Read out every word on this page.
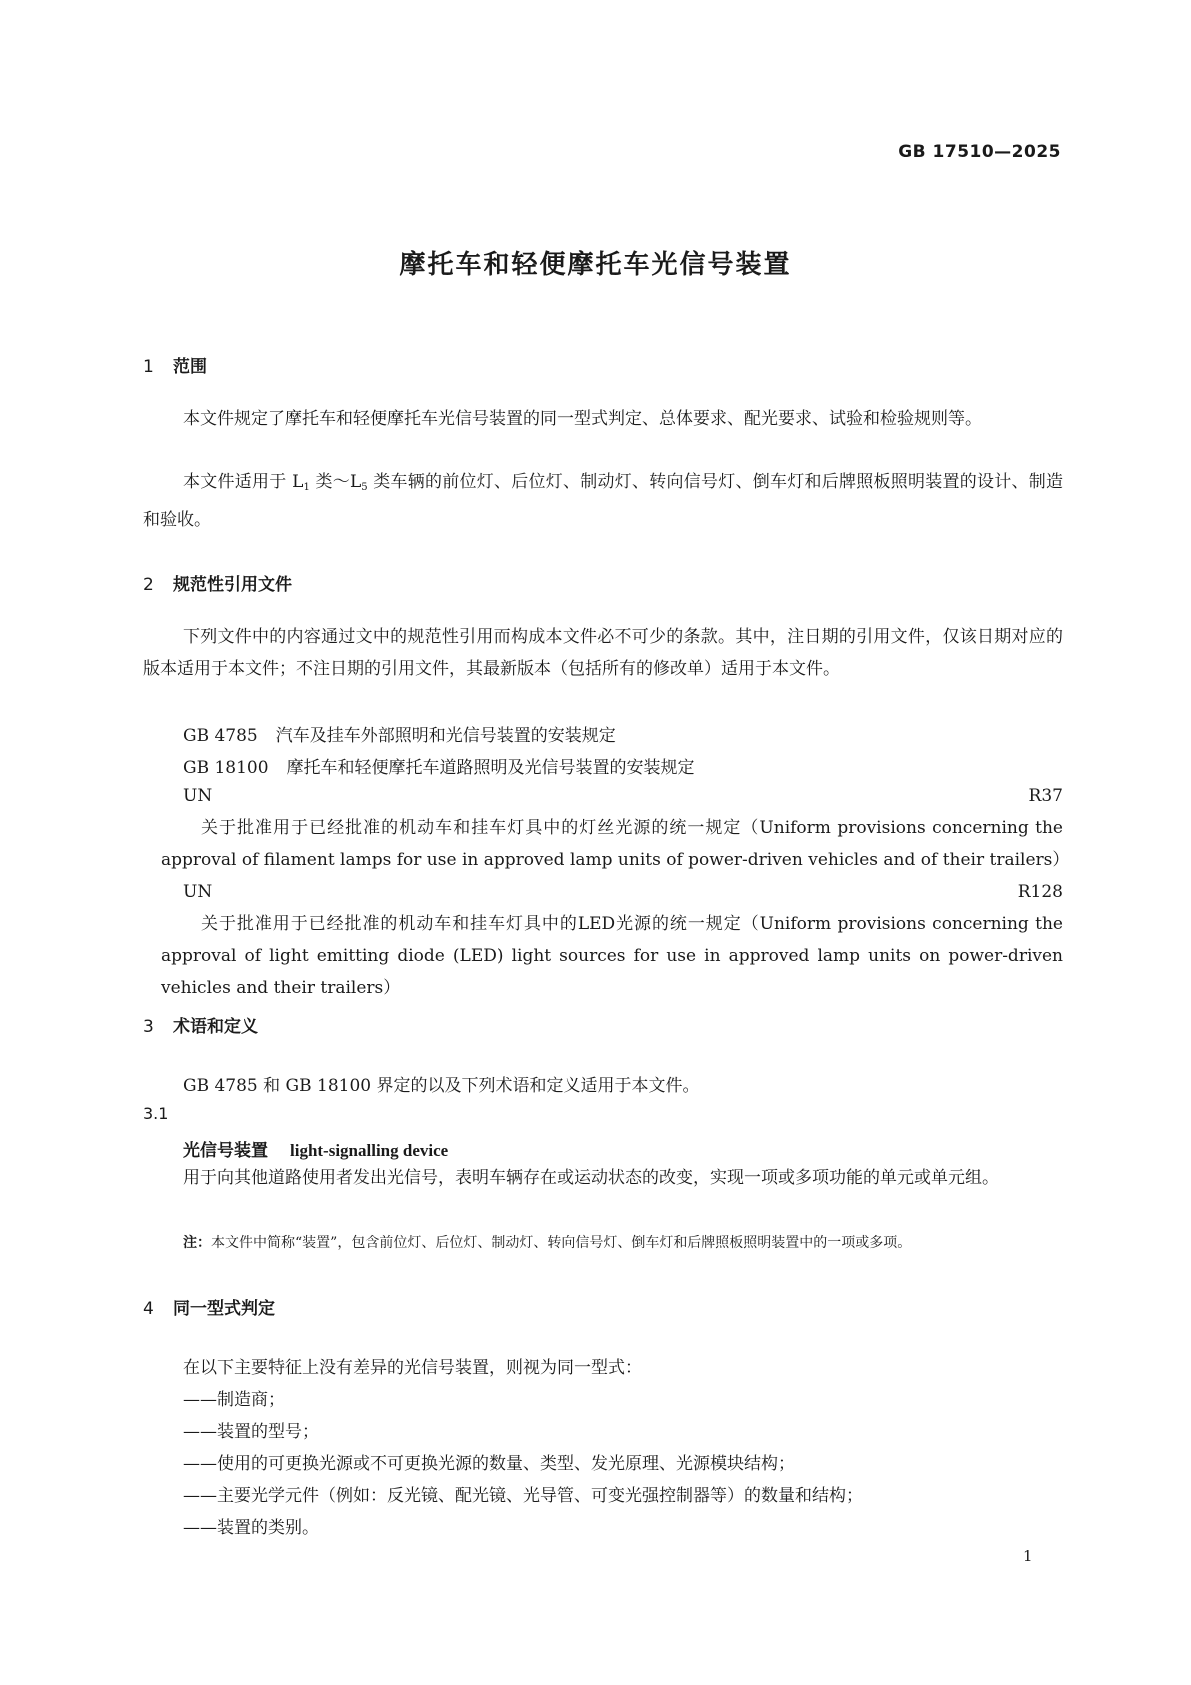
GB 17510—2025
摩托车和轻便摩托车光信号装置
1 范围
本文件规定了摩托车和轻便摩托车光信号装置的同一型式判定、总体要求、配光要求、试验和检验规则等。
本文件适用于 $L_1$ 类$\sim L_5$ 类车辆的前位灯、后位灯、制动灯、转向信号灯、倒车灯和后牌照板照明装置的设计、制造和验收。
2 规范性引用文件
下列文件中的内容通过文中的规范性引用而构成本文件必不可少的条款。其中，注日期的引用文件，仅该日期对应的版本适用于本文件；不注日期的引用文件，其最新版本（包括所有的修改单）适用于本文件。
GB 4785 汽车及挂车外部照明和光信号装置的安装规定
GB 18100 摩托车和轻便摩托车道路照明及光信号装置的安装规定
UN R37关于批准用于已经批准的机动车和挂车灯具中的灯丝光源的统一规定（Uniform provisions concerning the approval of filament lamps for use in approved lamp units of power-driven vehicles and of their trailers）
UN R128关于批准用于已经批准的机动车和挂车灯具中的LED光源的统一规定（Uniform provisions concerning the approval of light emitting diode (LED) light sources for use in approved lamp units on power-driven vehicles and their trailers）
3 术语和定义
GB 4785 和 GB 18100 界定的以及下列术语和定义适用于本文件。
3.1
光信号装置 light-signalling device
用于向其他道路使用者发出光信号，表明车辆存在或运动状态的改变，实现一项或多项功能的单元或单元组。
注：本文件中简称“装置”，包含前位灯、后位灯、制动灯、转向信号灯、倒车灯和后牌照板照明装置中的一项或多项。
4 同一型式判定
在以下主要特征上没有差异的光信号装置，则视为同一型式：
——制造商；
——装置的型号；
——使用的可更换光源或不可更换光源的数量、类型、发光原理、光源模块结构；
——主要光学元件（例如：反光镜、配光镜、光导管、可变光强控制器等）的数量和结构；
——装置的类别。
1
